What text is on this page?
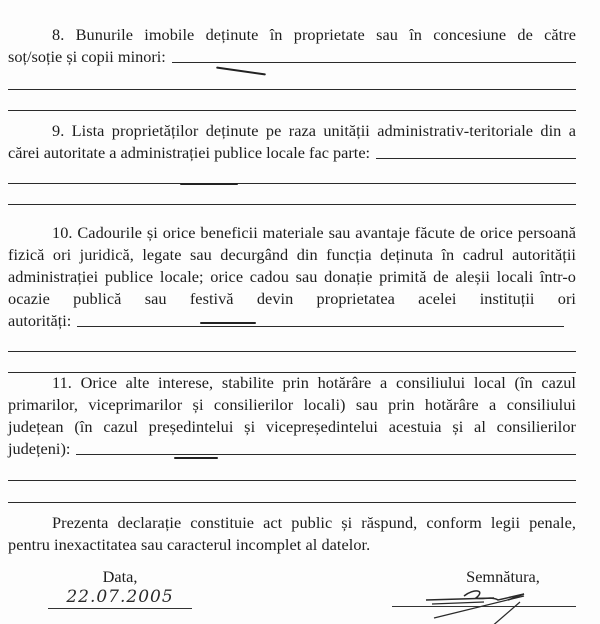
8. Bunurile imobile deținute în proprietate sau în concesiune de către

soț/soție și copii minori:

9. Lista proprietăților deținute pe raza unității administrativ-teritoriale din a

cărei autoritate a administrației publice locale fac parte:

10. Cadourile și orice beneficii materiale sau avantaje făcute de orice persoană fizică ori juridică, legate sau decurgând din funcția deținuta în cadrul autorității administrației publice locale; orice cadou sau donație primită de aleșii locali într-o ocazie publică sau festivă devin proprietatea acelei instituții ori

autorități:

11. Orice alte interese, stabilite prin hotărâre a consiliului local (în cazul primarilor, viceprimarilor și consilierilor locali) sau prin hotărâre a consiliului județean (în cazul președintelui și vicepreședintelui acestuia și al consilierilor

județeni):

Prezenta declarație constituie act public și răspund, conform legii penale, pentru inexactitatea sau caracterul incomplet al datelor.

Data,
22.07.2005
Semnătura,
